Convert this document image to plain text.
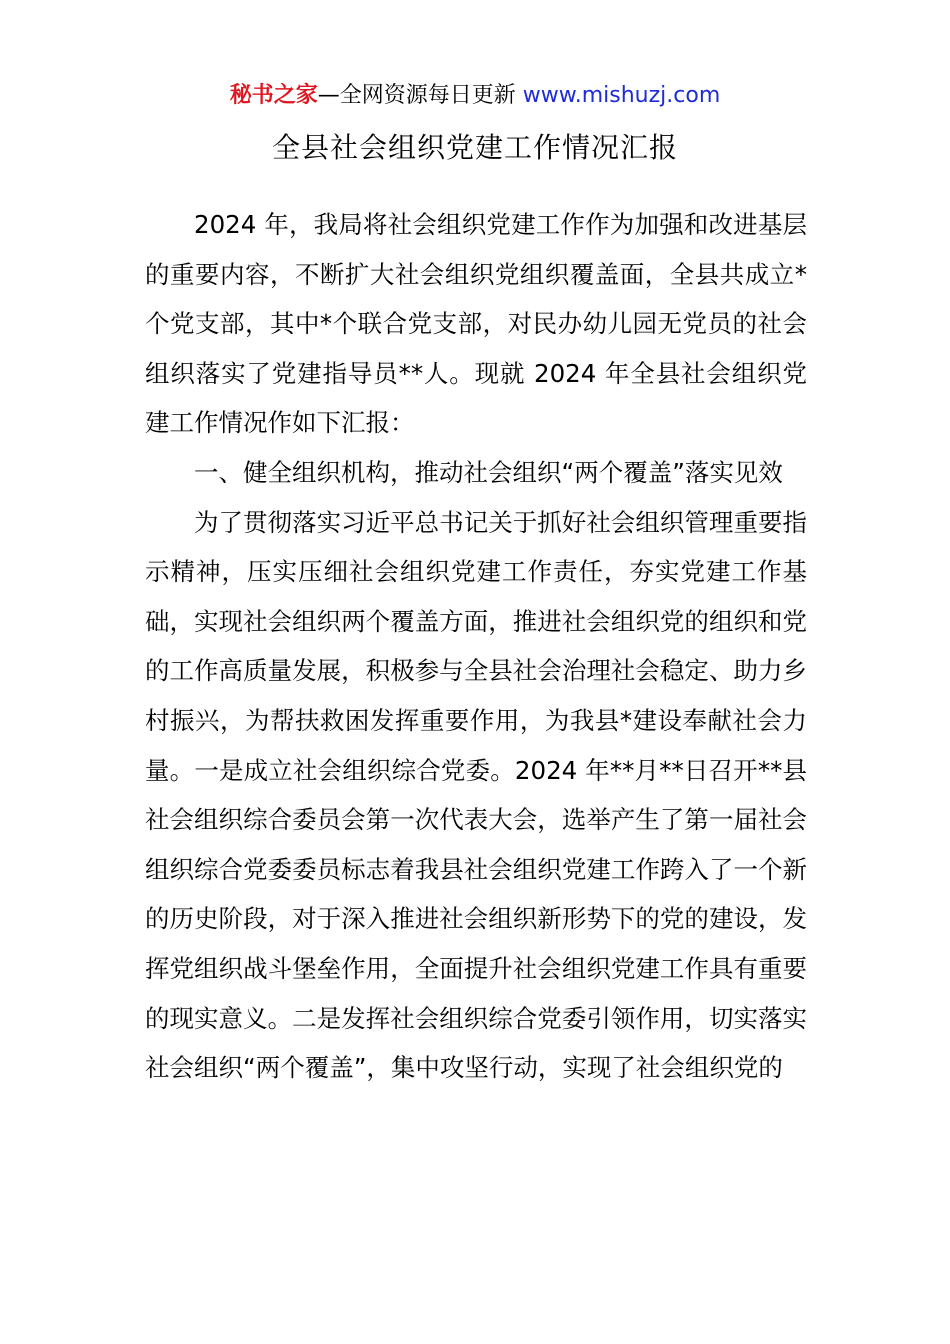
秘书之家—全网资源每日更新 www.mishuzj.com
全县社会组织党建工作情况汇报

2024 年，我局将社会组织党建工作作为加强和改进基层的重要内容，不断扩大社会组织党组织覆盖面，全县共成立*个党支部，其中*个联合党支部，对民办幼儿园无党员的社会组织落实了党建指导员**人。现就 2024 年全县社会组织党建工作情况作如下汇报：

一、健全组织机构，推动社会组织“两个覆盖”落实见效

为了贯彻落实习近平总书记关于抓好社会组织管理重要指示精神，压实压细社会组织党建工作责任，夯实党建工作基础，实现社会组织两个覆盖方面，推进社会组织党的组织和党的工作高质量发展，积极参与全县社会治理社会稳定、助力乡村振兴，为帮扶救困发挥重要作用，为我县*建设奉献社会力量。一是成立社会组织综合党委。2024 年**月**日召开**县社会组织综合委员会第一次代表大会，选举产生了第一届社会组织综合党委委员标志着我县社会组织党建工作跨入了一个新的历史阶段，对于深入推进社会组织新形势下的党的建设，发挥党组织战斗堡垒作用，全面提升社会组织党建工作具有重要的现实意义。二是发挥社会组织综合党委引领作用，切实落实社会组织“两个覆盖”，集中攻坚行动，实现了社会组织党的
